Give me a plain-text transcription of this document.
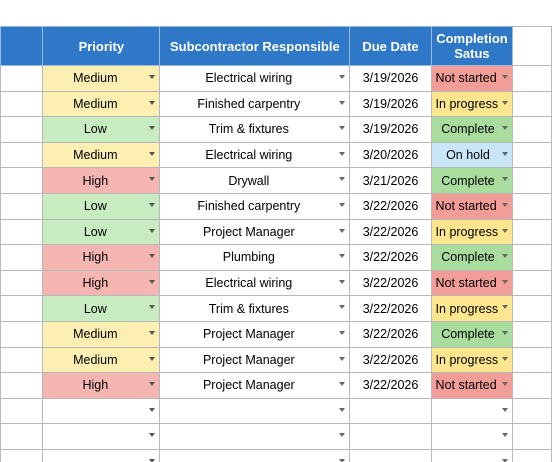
	Priority	Subcontractor Responsible	Due Date	Completion Satus	

	Medium	Electrical wiring	3/19/2026	Not started	

	Medium	Finished carpentry	3/19/2026	In progress	

	Low	Trim & fixtures	3/19/2026	Complete	

	Medium	Electrical wiring	3/20/2026	On hold	

	High	Drywall	3/21/2026	Complete	

	Low	Finished carpentry	3/22/2026	Not started	

	Low	Project Manager	3/22/2026	In progress	

	High	Plumbing	3/22/2026	Complete	

	High	Electrical wiring	3/22/2026	Not started	

	Low	Trim & fixtures	3/22/2026	In progress	

	Medium	Project Manager	3/22/2026	Complete	

	Medium	Project Manager	3/22/2026	In progress	

	High	Project Manager	3/22/2026	Not started	
